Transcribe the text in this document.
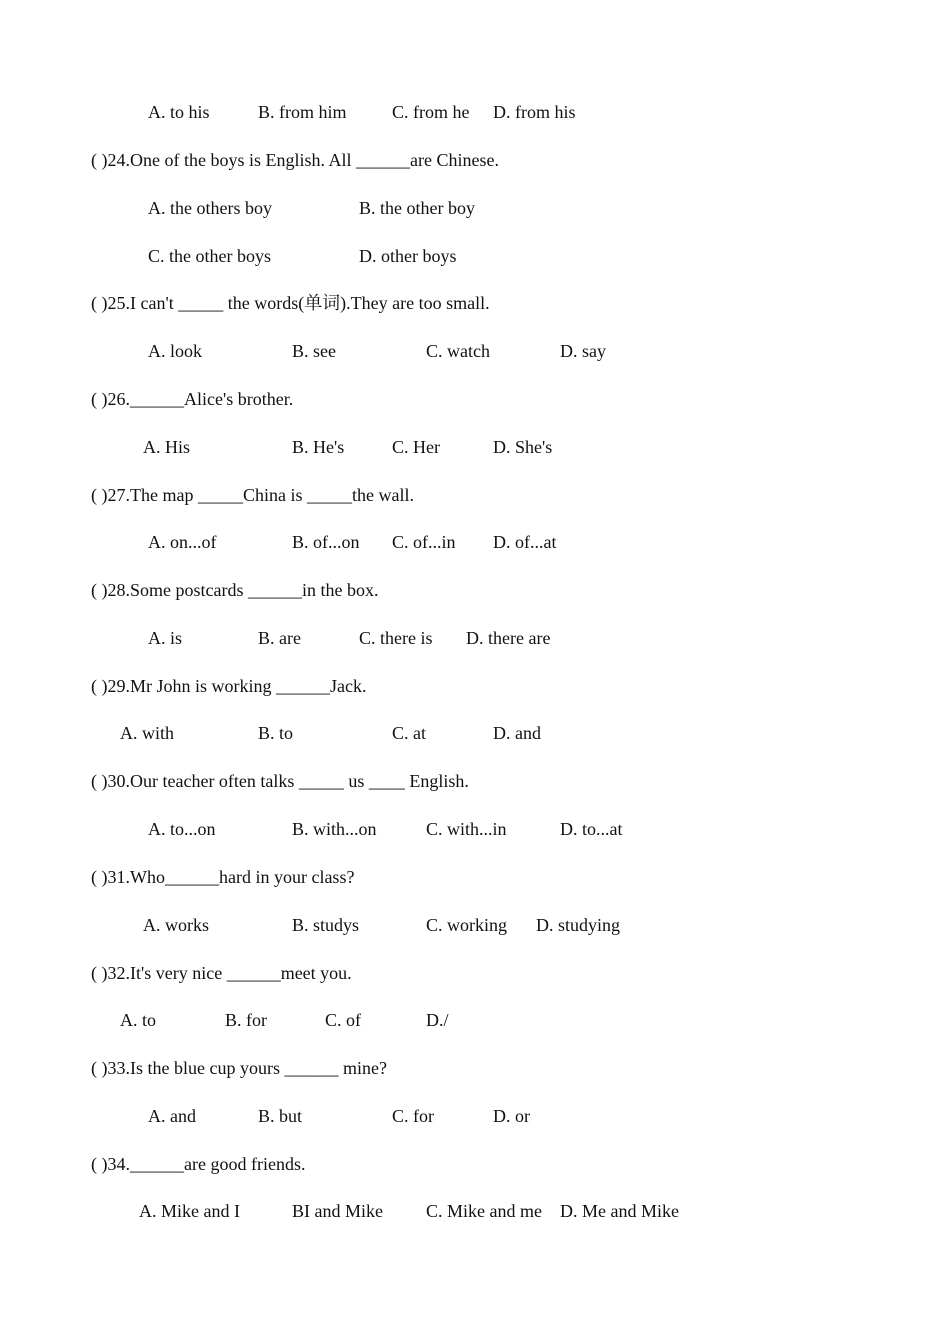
A. to his	B. from him	C. from he D. from his
( )24.One of the boys is English. All ______are Chinese.
A. the others boy	B. the other boy
C. the other boys	D. other boys
( )25.I can't _____ the words(单词).They are too small.
A. look	B. see	C. watch	D. say
( )26.______Alice's brother.
A. His	B. He's	C. Her	D. She's
( )27.The map _____China is _____the wall.
A. on...of	B. of...on C. of...in D. of...at
( )28.Some postcards ______in the box.
A. is	B. are	C. there is D. there are
( )29.Mr John is working ______Jack.
A. with	B. to	C. at	D. and
( )30.Our teacher often talks _____ us ____ English.
A. to...on	B. with...on	C. with...in	D. to...at
( )31.Who______hard in your class?
A. works	B. studys	C. working D. studying
( )32.It's very nice ______meet you.
A. to	B. for	C. of	D./
( )33.Is the blue cup yours ______ mine?
A. and	B. but	C. for	D. or
( )34.______are good friends.
A. Mike and I	BI and Mike C. Mike and me D. Me and Mike
